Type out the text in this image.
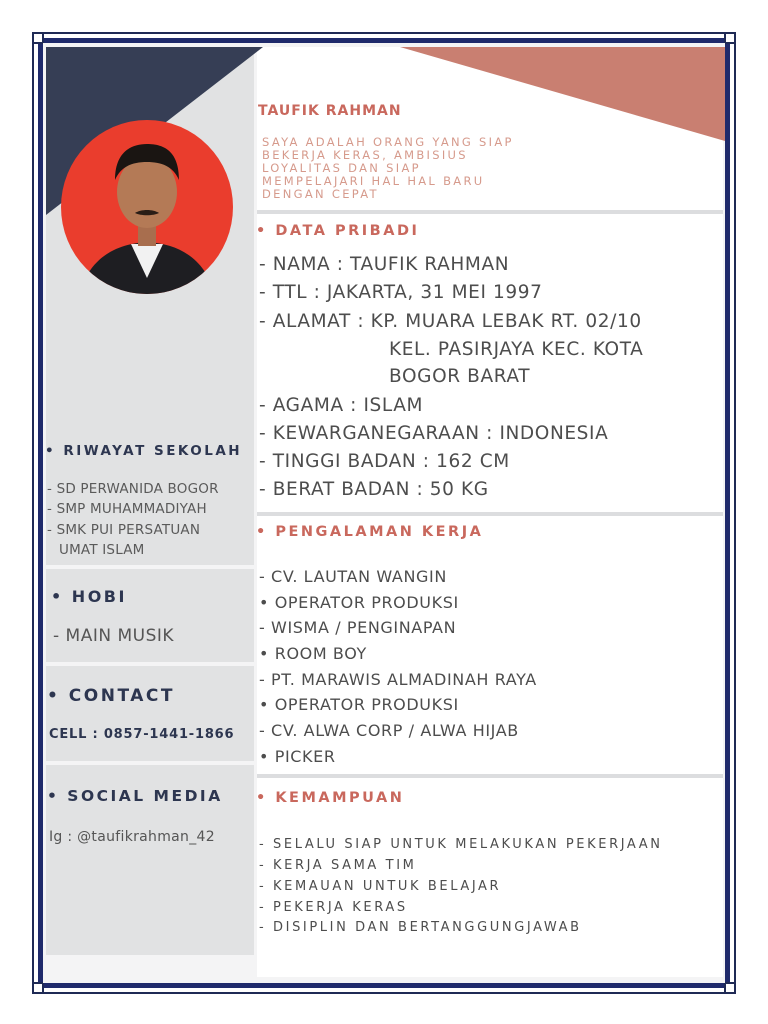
TAUFIK RAHMAN
SAYA ADALAH ORANG YANG SIAP
BEKERJA KERAS, AMBISIUS
LOYALITAS DAN SIAP
MEMPELAJARI HAL HAL BARU
DENGAN CEPAT
• DATA PRIBADI
- NAMA : TAUFIK RAHMAN
- TTL : JAKARTA, 31 MEI 1997
- ALAMAT : KP. MUARA LEBAK RT. 02/10
KEL. PASIRJAYA KEC. KOTA
BOGOR BARAT
- AGAMA : ISLAM
- KEWARGANEGARAAN : INDONESIA
- TINGGI BADAN : 162 CM
- BERAT BADAN : 50 KG
• PENGALAMAN KERJA
- CV. LAUTAN WANGIN
• OPERATOR PRODUKSI
- WISMA / PENGINAPAN
• ROOM BOY
- PT. MARAWIS ALMADINAH RAYA
• OPERATOR PRODUKSI
- CV. ALWA CORP / ALWA HIJAB
• PICKER
• KEMAMPUAN
- SELALU SIAP UNTUK MELAKUKAN PEKERJAAN
- KERJA SAMA TIM
- KEMAUAN UNTUK BELAJAR
- PEKERJA KERAS
- DISIPLIN DAN BERTANGGUNGJAWAB
• RIWAYAT SEKOLAH
- SD PERWANIDA BOGOR
- SMP MUHAMMADIYAH
- SMK PUI PERSATUAN
UMAT ISLAM
• HOBI
- MAIN MUSIK
• CONTACT
CELL : 0857-1441-1866
• SOCIAL MEDIA
Ig : @taufikrahman_42
